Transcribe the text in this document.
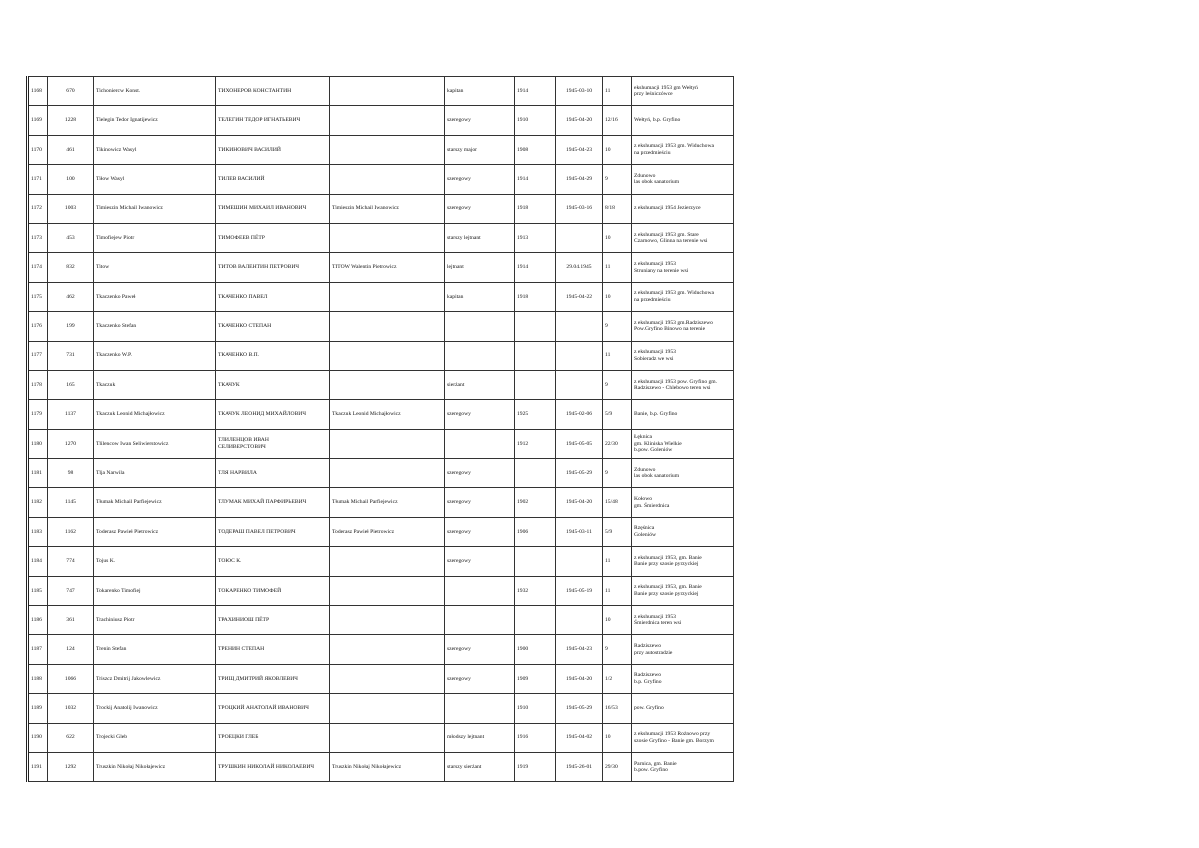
1168	670	Tichoniercw Konst.	ТИХОНЕРОВ КОНСТАНТИН		kapitan	1914	1945-03-10	11	ekshumacji 1953 gm Wełtyń
przy leśniczówce
1169	1228	Tielegin Tedor Ignatijewicz	ТЕЛЕГИН ТЕДОР ИГНАТЬЕВИЧ		szeregowy	1910	1945-04-20	12/16	Wełtyń, b.p. Gryfino
1170	461	Tikinowicz Wasyl	ТИКИНОВИЧ ВАСИЛИЙ		starszy major	1908	1945-04-23	10	z ekshumacji 1953 gm. Widuchowa
na przedmieściu
1171	100	Tiłow Wasyl	ТИЛЕВ ВАСИЛИЙ		szeregowy	1914	1945-04-29	9	Zdunowo
las obok sanatorium
1172	1003	Timieszin Michail Iwanowicz	ТИМЕШИН МИХАИЛ ИВАНОВИЧ	Timieszin Michail Iwanowicz	szeregowy	1918	1945-03-16	8/18	z ekshumacji 1954 Jezierzyce
1173	453	Timofiejew Piotr	ТИМОФЕЕВ ПЁТР		starszy lejtnant	1913		10	z ekshumacji 1953 gm. Stare
Czarnowo, Glinna na terenie wsi
1174	832	Titow	ТИТОВ ВАЛЕНТИН ПЕТРОВИЧ	TITOW Walentin Pietrowicz	lejtnant	1914	29.04.1945	11	z ekshumacji 1953
Struniany na terenie wsi
1175	462	Tkaczenko Paweł	ТКАЧЕНКО ПАВЕЛ		kapitan	1918	1945-04-22	10	z ekshumacji 1953 gm. Widuchowa
na przedmieściu
1176	199	Tkaczenko Stefan	ТКАЧЕНКО СТЕПАН					9	z ekshumacji 1953 gm.Radziszewo
Pow.Gryfino Binowo na terenie
1177	731	Tkaczenko W.P.	ТКАЧЕНКО В.П.					11	z ekshumacji 1953
Sobieradz we wsi
1178	165	Tkaczuk	ТКАЧУК		sierżant			9	z ekshumacji 1953 pow. Gryfino gm.
Radziszewo - Chlebowo teren wsi
1179	1137	Tkaczuk Leonid Michajłowicz	ТКАЧУК ЛЕОНИД МИХАЙЛОВИЧ	Tkaczuk Leonid Michajłowicz	szeregowy	1925	1945-02-06	5/9	Banie, b.p. Gryfino
1180	1270	Tlilencow Iwan Seliwierstowicz	ТЛИЛЕНЦОВ ИВАН
СЕЛИВЕРСТОВИЧ			1912	1945-05-05	22/30	Łęknica
gm. Kliniska Wielkie
b.pow. Goleniów
1181	98	Tlja Narwila	ТЛЯ НАРВИЛА		szeregowy		1945-05-29	9	Zdunowo
las obok sanatorium
1182	1145	Tłumak Michail Parfiejewicz	ТЛУМАК МИХАЙ ПАРФИРЬЕВИЧ	Tłumak Michail Parfiejewicz	szeregowy	1902	1945-04-20	15/48	Kołowo
gm. Śmierdnica
1183	1162	Toderasz Pawieł Pietrowicz	ТОДЕРАШ ПАВЕЛ ПЕТРОВИЧ	Toderasz Pawieł Pietrowicz	szeregowy	1906	1945-03-11	5/9	Rzęśnica
Goleniów
1184	774	Tojus K.	ТОЮС К.		szeregowy			11	z ekshumacji 1953, gm. Banie
Banie przy szosie pyrzyckiej
1185	747	Tokarenko Timofiej	ТОКАРЕНКО ТИМОФЕЙ			1932	1945-05-19	11	z ekshumacji 1953, gm. Banie
Banie przy szosie pyrzyckiej
1186	361	Trachiniusz Piotr	ТРАХИНИОШ ПЁТР					10	z ekshumacji 1953
Śmierdnica teren wsi
1187	124	Trenin Stefan	ТРЕНИН СТЕПАН		szeregowy	1900	1945-04-23	9	Radziszewo
przy autostradzie
1188	1066	Triszcz Dmitrij Jakowlewicz	ТРИЩ ДМИТРИЙ ЯКОВЛЕВИЧ		szeregowy	1909	1945-04-20	1/2	Radziszewo
b.p. Gryfino
1189	1032	Trockij Anatolij Iwanowicz	ТРОЦКИЙ АНАТОЛАЙ ИВАНОВИЧ			1910	1945-05-29	16/53	pow. Gryfino
1190	622	Trojecki Gleb	ТРОЕЦКИ ГЛЕБ		młodszy lejtnant	1916	1945-04-02	10	z ekshumacji 1953 Rożnowo przy
szosie Gryfino - Banie gm. Borzym
1191	1292	Truszkin Nikołaj Nikołajewicz	ТРУШКИН НИКОЛАЙ НИКОЛАЕВИЧ	Truszkin Nikołaj Nikołajewicz	starszy sierżant	1919	1945-26-01	29/30	Parnica, gm. Banie
b.pow. Gryfino
